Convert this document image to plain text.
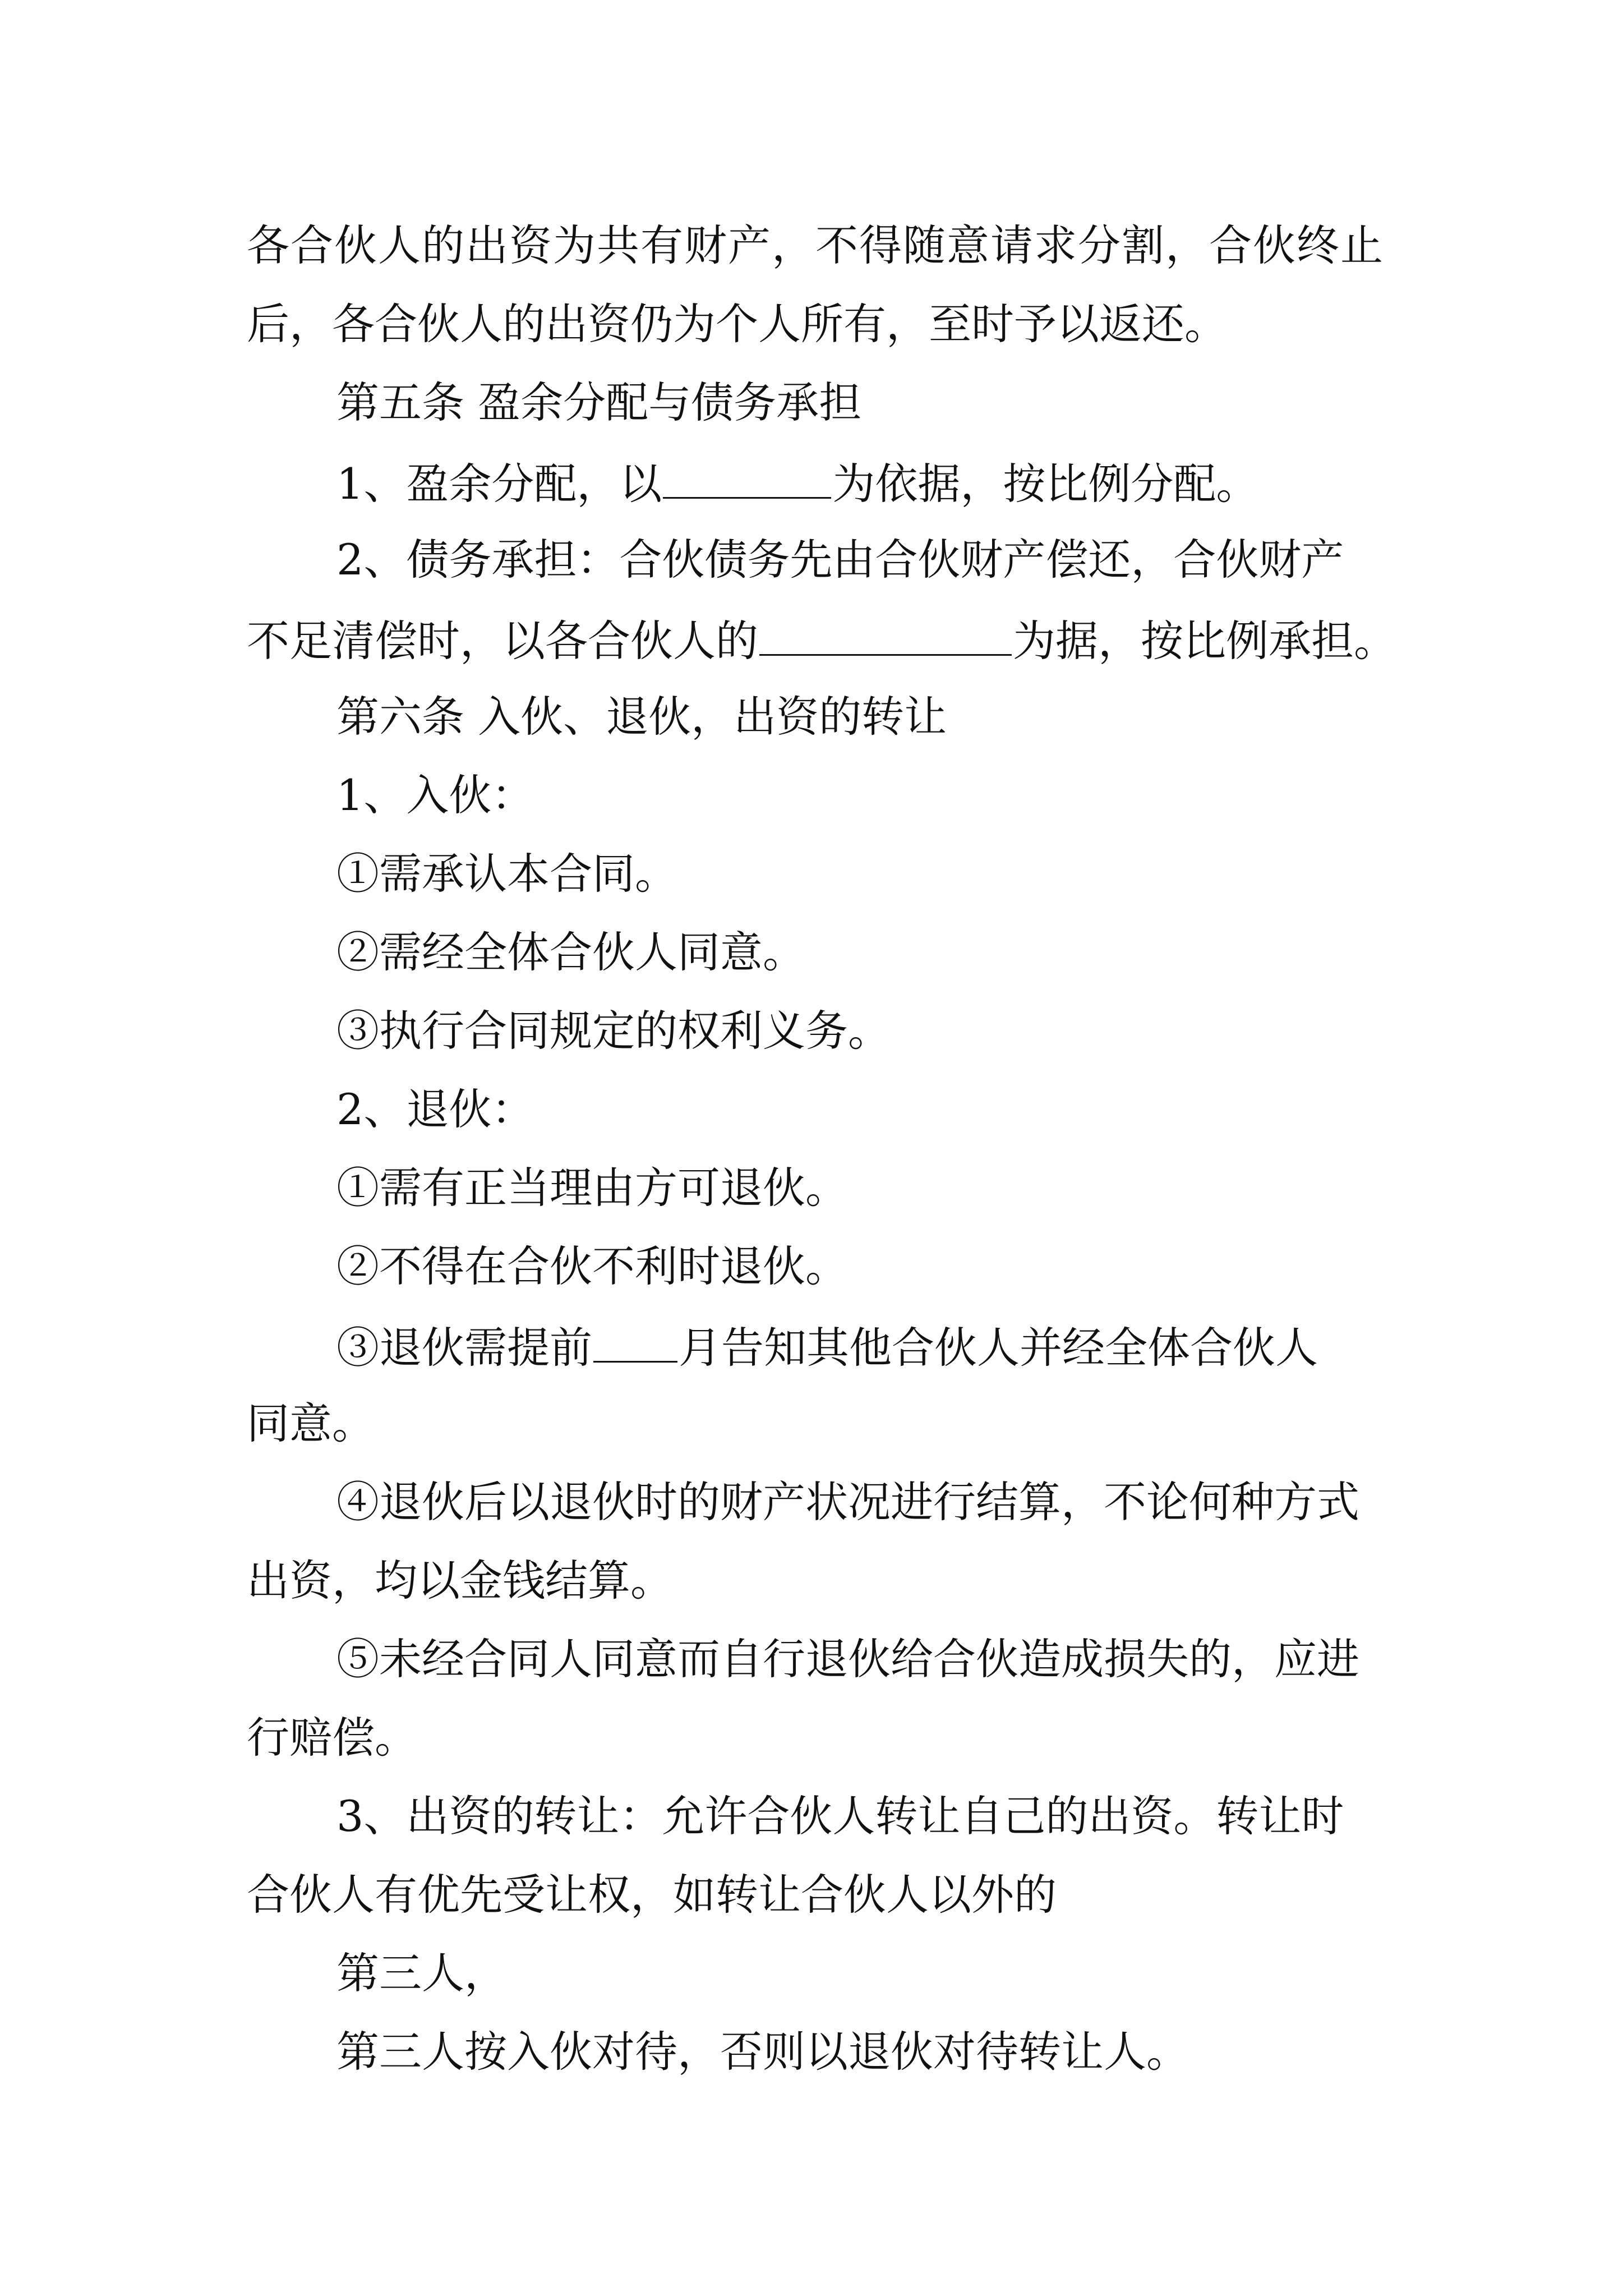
各合伙人的出资为共有财产，不得随意请求分割，合伙终止
后，各合伙人的出资仍为个人所有，至时予以返还。
第五条 盈余分配与债务承担
1、盈余分配，以	为依据，按比例分配。
2、债务承担：合伙债务先由合伙财产偿还，合伙财产
不足清偿时，以各合伙人的	为据，按比例承担。
第六条 入伙、退伙，出资的转让
1、入伙：
①需承认本合同。
②需经全体合伙人同意。
③执行合同规定的权利义务。
2、退伙：
①需有正当理由方可退伙。
②不得在合伙不利时退伙。
③退伙需提前 月告知其他合伙人并经全体合伙人
同意。
④退伙后以退伙时的财产状况进行结算，不论何种方式
出资，均以金钱结算。
⑤未经合同人同意而自行退伙给合伙造成损失的，应进
行赔偿。
3、出资的转让：允许合伙人转让自己的出资。转让时
合伙人有优先受让权，如转让合伙人以外的
第三人，
第三人按入伙对待，否则以退伙对待转让人。
